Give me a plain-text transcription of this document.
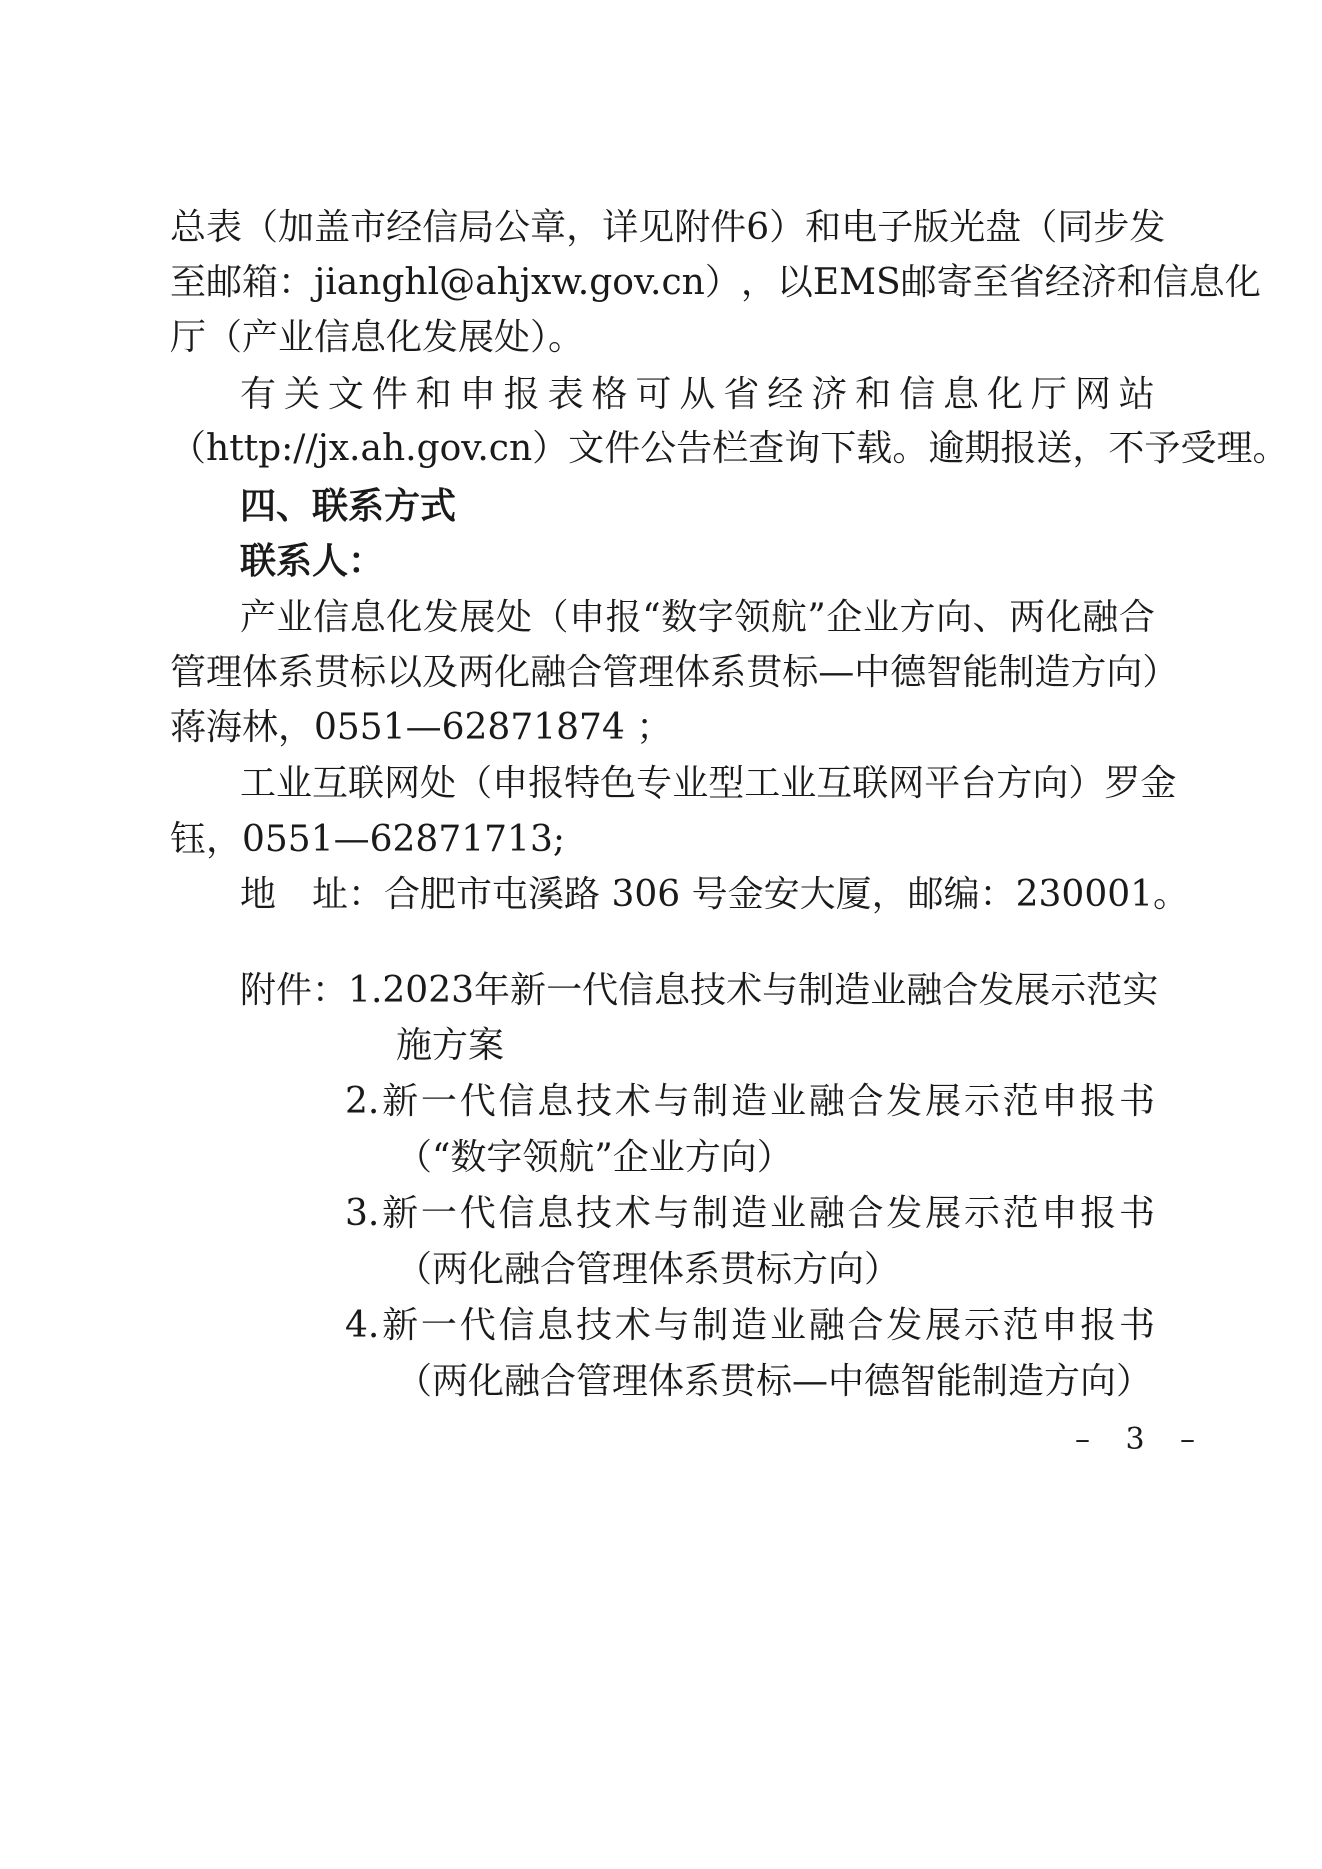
总 表 （ 加 盖 市 经 信 局 公 章 ， 详 见 附 件 6 ） 和 电 子 版 光 盘 （ 同 步 发
至 邮 箱 ： jianghl@ahjxw.gov.cn ） ， 以 EMS 邮 寄 至 省 经 济 和 信 息 化
厅（产业信息化发展处）。
有 关 文 件 和 申 报 表 格 可 从 省 经 济 和 信 息 化 厅 网 站
（ http://jx.ah.gov.cn ） 文 件 公 告 栏 查 询 下 载 。 逾 期 报 送 ， 不 予 受 理 。
四、联系方式
联系人：
产 业 信 息 化 发 展 处 （ 申 报 “ 数 字 领 航 ” 企 业 方 向 、 两 化 融 合
管 理 体 系 贯 标 以 及 两 化 融 合 管 理 体 系 贯 标 — 中 德 智 能 制 造 方 向 ）
蒋海林，0551—62871874 ；
工 业 互 联 网 处 （ 申 报 特 色 专 业 型 工 业 互 联 网 平 台 方 向 ） 罗 金
钰，0551—62871713;
地　址：合肥市屯溪路 306 号金安大厦，邮编：230001。
附 件 ： 1. 2023 年 新 一 代 信 息 技 术 与 制 造 业 融 合 发 展 示 范 实
施方案
2. 新 一 代 信 息 技 术 与 制 造 业 融 合 发 展 示 范 申 报 书
（“数字领航”企业方向）
3. 新 一 代 信 息 技 术 与 制 造 业 融 合 发 展 示 范 申 报 书
（两化融合管理体系贯标方向）
4. 新 一 代 信 息 技 术 与 制 造 业 融 合 发 展 示 范 申 报 书
（两化融合管理体系贯标—中德智能制造方向）
– 3 –
